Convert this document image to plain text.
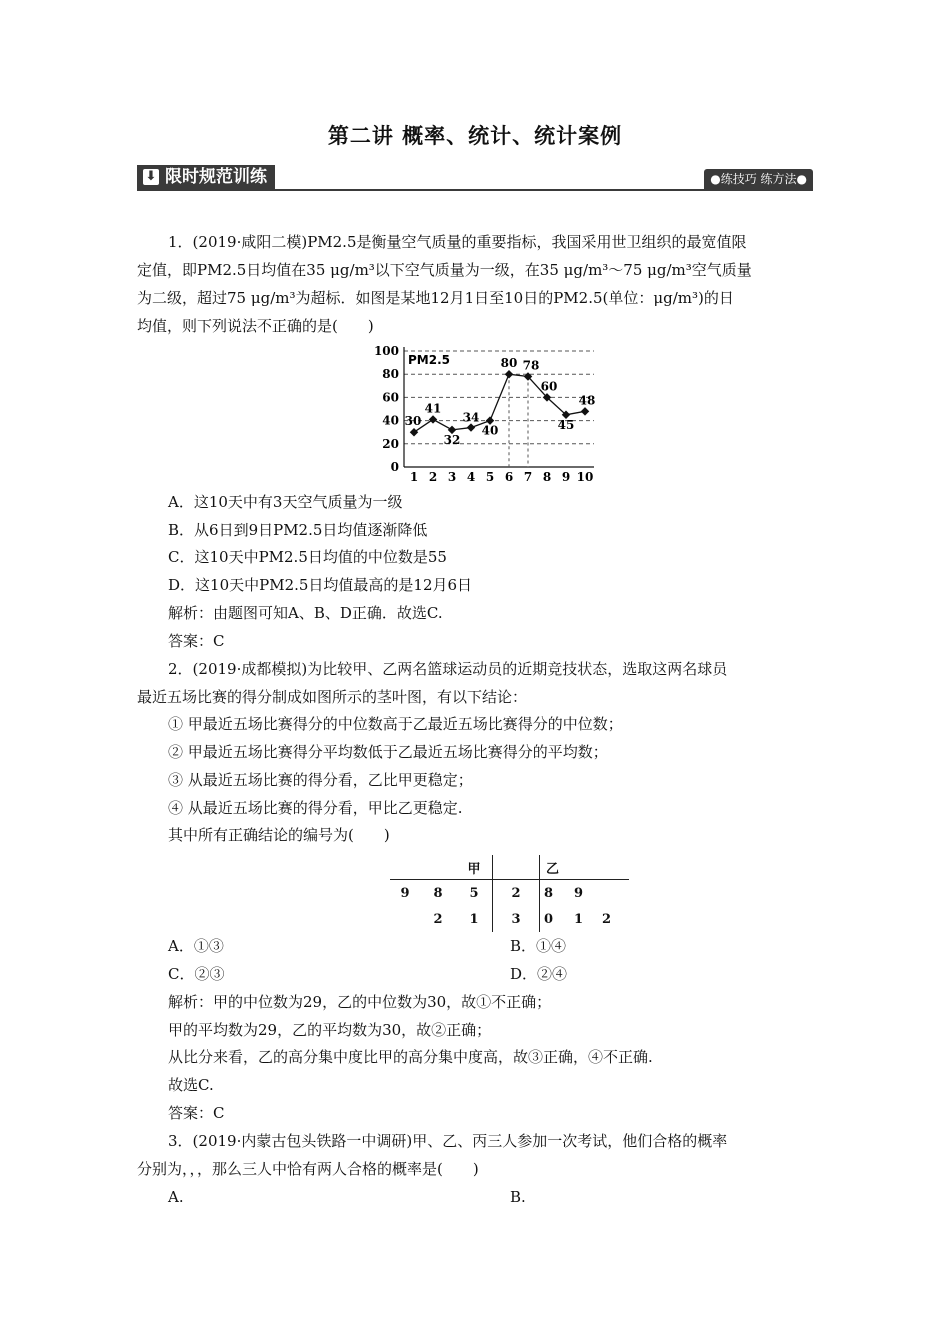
第二讲 概率、统计、统计案例
⬇ 限时规范训练	●练技巧 练方法●
1．(2019·咸阳二模)PM2.5是衡量空气质量的重要指标，我国采用世卫组织的最宽值限
定值，即PM2.5日均值在35 μg/m³以下空气质量为一级，在35 μg/m³～75 μg/m³空气质量
为二级，超过75 μg/m³为超标．如图是某地12月1日至10日的PM2.5(单位：μg/m³)的日
均值，则下列说法不正确的是(　　)
0
20
40
60
80
100
1 2 3 4 5 6 7 8 9 10
PM2.5
30
41
32
34
40
80 78
60
45
48
A．这10天中有3天空气质量为一级
B．从6日到9日PM2.5日均值逐渐降低
C．这10天中PM2.5日均值的中位数是55
D．这10天中PM2.5日均值最高的是12月6日
解析：由题图可知A、B、D正确．故选C.
答案：C
2．(2019·成都模拟)为比较甲、乙两名篮球运动员的近期竞技状态，选取这两名球员
最近五场比赛的得分制成如图所示的茎叶图，有以下结论：
① 甲最近五场比赛得分的中位数高于乙最近五场比赛得分的中位数；
② 甲最近五场比赛得分平均数低于乙最近五场比赛得分的平均数；
③ 从最近五场比赛的得分看，乙比甲更稳定；
④ 从最近五场比赛的得分看，甲比乙更稳定.
其中所有正确结论的编号为(　　)
		甲		乙		
9	8	5	2	8	9	
	2	1	3	0	1	2
A．①③	B．①④
C．②③	D．②④
解析：甲的中位数为29，乙的中位数为30，故①不正确；
甲的平均数为29，乙的平均数为30，故②正确；
从比分来看，乙的高分集中度比甲的高分集中度高，故③正确，④不正确.
故选C.
答案：C
3．(2019·内蒙古包头铁路一中调研)甲、乙、丙三人参加一次考试，他们合格的概率
分别为，，，那么三人中恰有两人合格的概率是(　　)
A.	B.
